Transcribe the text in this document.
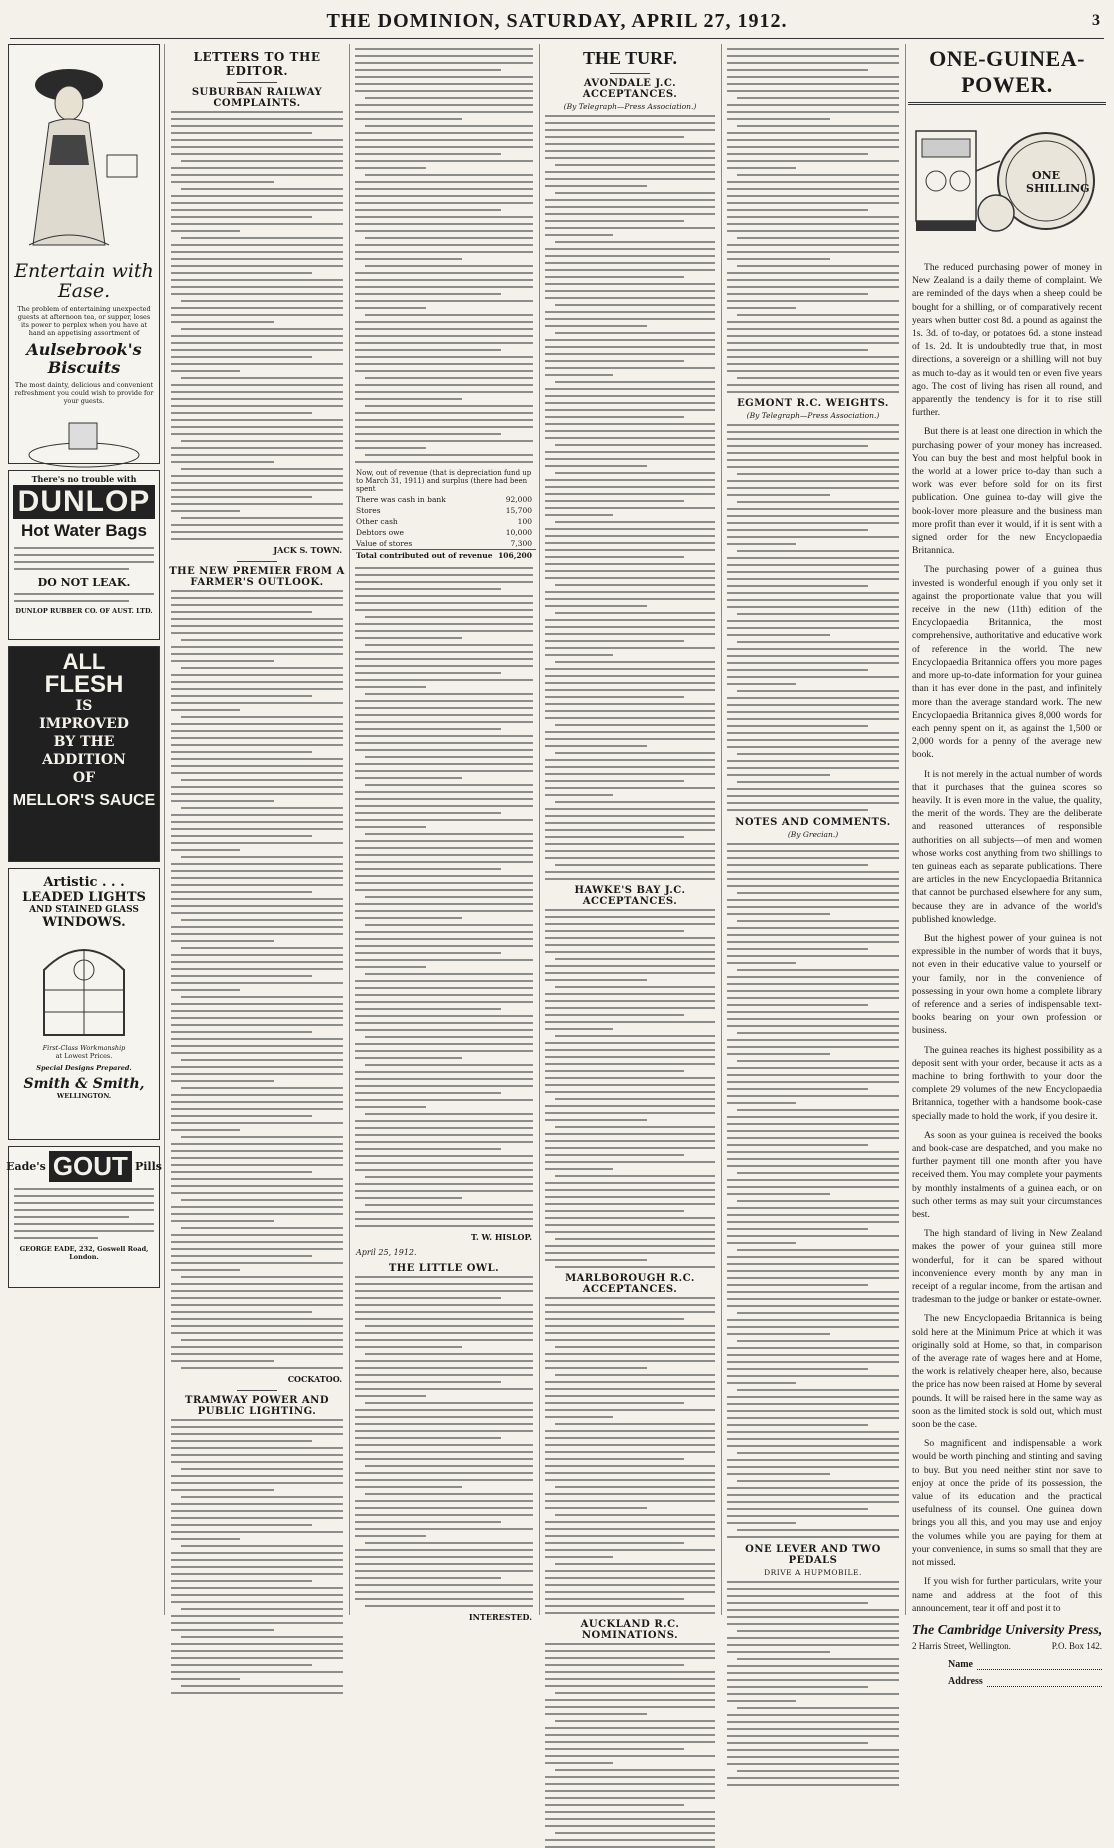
THE DOMINION, SATURDAY, APRIL 27, 1912.	3
Entertain with Ease.
The problem of entertaining unexpected guests at afternoon tea, or supper, loses its power to perplex when you have at hand an appetising assortment of
Aulsebrook's Biscuits
The most dainty, delicious and convenient refreshment you could wish to provide for your guests.
There's no trouble with
DUNLOP
Hot Water Bags
DO NOT LEAK.
DUNLOP RUBBER CO. OF AUST. LTD.
ALL
FLESH
IS
IMPROVED
BY THE
ADDITION
OF
MELLOR'S SAUCE
Artistic . . .
LEADED LIGHTS
AND STAINED GLASS
WINDOWS.
First-Class Workmanship
at Lowest Prices.
Special Designs Prepared.
Smith & Smith,
WELLINGTON.
Eade's GOUT Pills
GEORGE EADE, 232, Goswell Road, London.
LETTERS TO THE EDITOR.
SUBURBAN RAILWAY COMPLAINTS.
JACK S. TOWN.
THE NEW PREMIER FROM A FARMER'S OUTLOOK.
COCKATOO.
TRAMWAY POWER AND PUBLIC LIGHTING.
Now, out of revenue (that is depreciation fund up to March 31, 1911) and surplus (there had been spent
There was cash in bank	92,000
Stores	15,700
Other cash	100
Debtors owe	10,000
Value of stores	7,300
Total contributed out of revenue 106,200
T. W. HISLOP.
April 25, 1912.
THE LITTLE OWL.
INTERESTED.
THE TURF.
AVONDALE J.C. ACCEPTANCES.
(By Telegraph—Press Association.)
HAWKE'S BAY J.C. ACCEPTANCES.
MARLBOROUGH R.C. ACCEPTANCES.
AUCKLAND R.C. NOMINATIONS.
EGMONT R.C. WEIGHTS.
(By Telegraph—Press Association.)
NOTES AND COMMENTS.
(By Grecian.)
ONE LEVER AND TWO PEDALS
DRIVE A HUPMOBILE.
ONE-GUINEA-POWER.
ONE SHILLING

The reduced purchasing power of money in New Zealand is a daily theme of complaint. We are reminded of the days when a sheep could be bought for a shilling, or of comparatively recent years when butter cost 8d. a pound as against the 1s. 3d. of to-day, or potatoes 6d. a stone instead of 1s. 2d. It is undoubtedly true that, in most directions, a sovereign or a shilling will not buy as much to-day as it would ten or even five years ago. The cost of living has risen all round, and apparently the tendency is for it to rise still further.

But there is at least one direction in which the purchasing power of your money has increased. You can buy the best and most helpful book in the world at a lower price to-day than such a work was ever before sold for on its first publication. One guinea to-day will give the book-lover more pleasure and the business man more profit than ever it would, if it is sent with a signed order for the new Encyclopaedia Britannica.

The purchasing power of a guinea thus invested is wonderful enough if you only set it against the proportionate value that you will receive in the new (11th) edition of the Encyclopaedia Britannica, the most comprehensive, authoritative and educative work of reference in the world. The new Encyclopaedia Britannica offers you more pages and more up-to-date information for your guinea than it has ever done in the past, and infinitely more than the average standard work. The new Encyclopaedia Britannica gives 8,000 words for each penny spent on it, as against the 1,500 or 2,000 words for a penny of the average new book.

It is not merely in the actual number of words that it purchases that the guinea scores so heavily. It is even more in the value, the quality, the merit of the words. They are the deliberate and reasoned utterances of responsible authorities on all subjects—of men and women whose works cost anything from two shillings to ten guineas each as separate publications. There are articles in the new Encyclopaedia Britannica that cannot be purchased elsewhere for any sum, because they are in advance of the world's published knowledge.

But the highest power of your guinea is not expressible in the number of words that it buys, not even in their educative value to yourself or your family, nor in the convenience of possessing in your own home a complete library of reference and a series of indispensable text-books bearing on your own profession or business.

The guinea reaches its highest possibility as a deposit sent with your order, because it acts as a machine to bring forthwith to your door the complete 29 volumes of the new Encyclopaedia Britannica, together with a handsome book-case specially made to hold the work, if you desire it.

As soon as your guinea is received the books and book-case are despatched, and you make no further payment till one month after you have received them. You may complete your payments by monthly instalments of a guinea each, or on such other terms as may suit your circumstances best.

The high standard of living in New Zealand makes the power of your guinea still more wonderful, for it can be spared without inconvenience every month by any man in receipt of a regular income, from the artisan and tradesman to the judge or banker or estate-owner.

The new Encyclopaedia Britannica is being sold here at the Minimum Price at which it was originally sold at Home, so that, in comparison of the average rate of wages here and at Home, the work is relatively cheaper here, also, because the price has now been raised at Home by several pounds. It will be raised here in the same way as soon as the limited stock is sold out, which must soon be the case.

So magnificent and indispensable a work would be worth pinching and stinting and saving to buy. But you need neither stint nor save to enjoy at once the pride of its possession, the value of its education and the practical usefulness of its counsel. One guinea down brings you all this, and you may use and enjoy the volumes while you are paying for them at your convenience, in sums so small that they are not missed.

If you wish for further particulars, write your name and address at the foot of this announcement, tear it off and post it to

The Cambridge University Press,
2 Harris Street, Wellington.	P.O. Box 142.
Name
Address
